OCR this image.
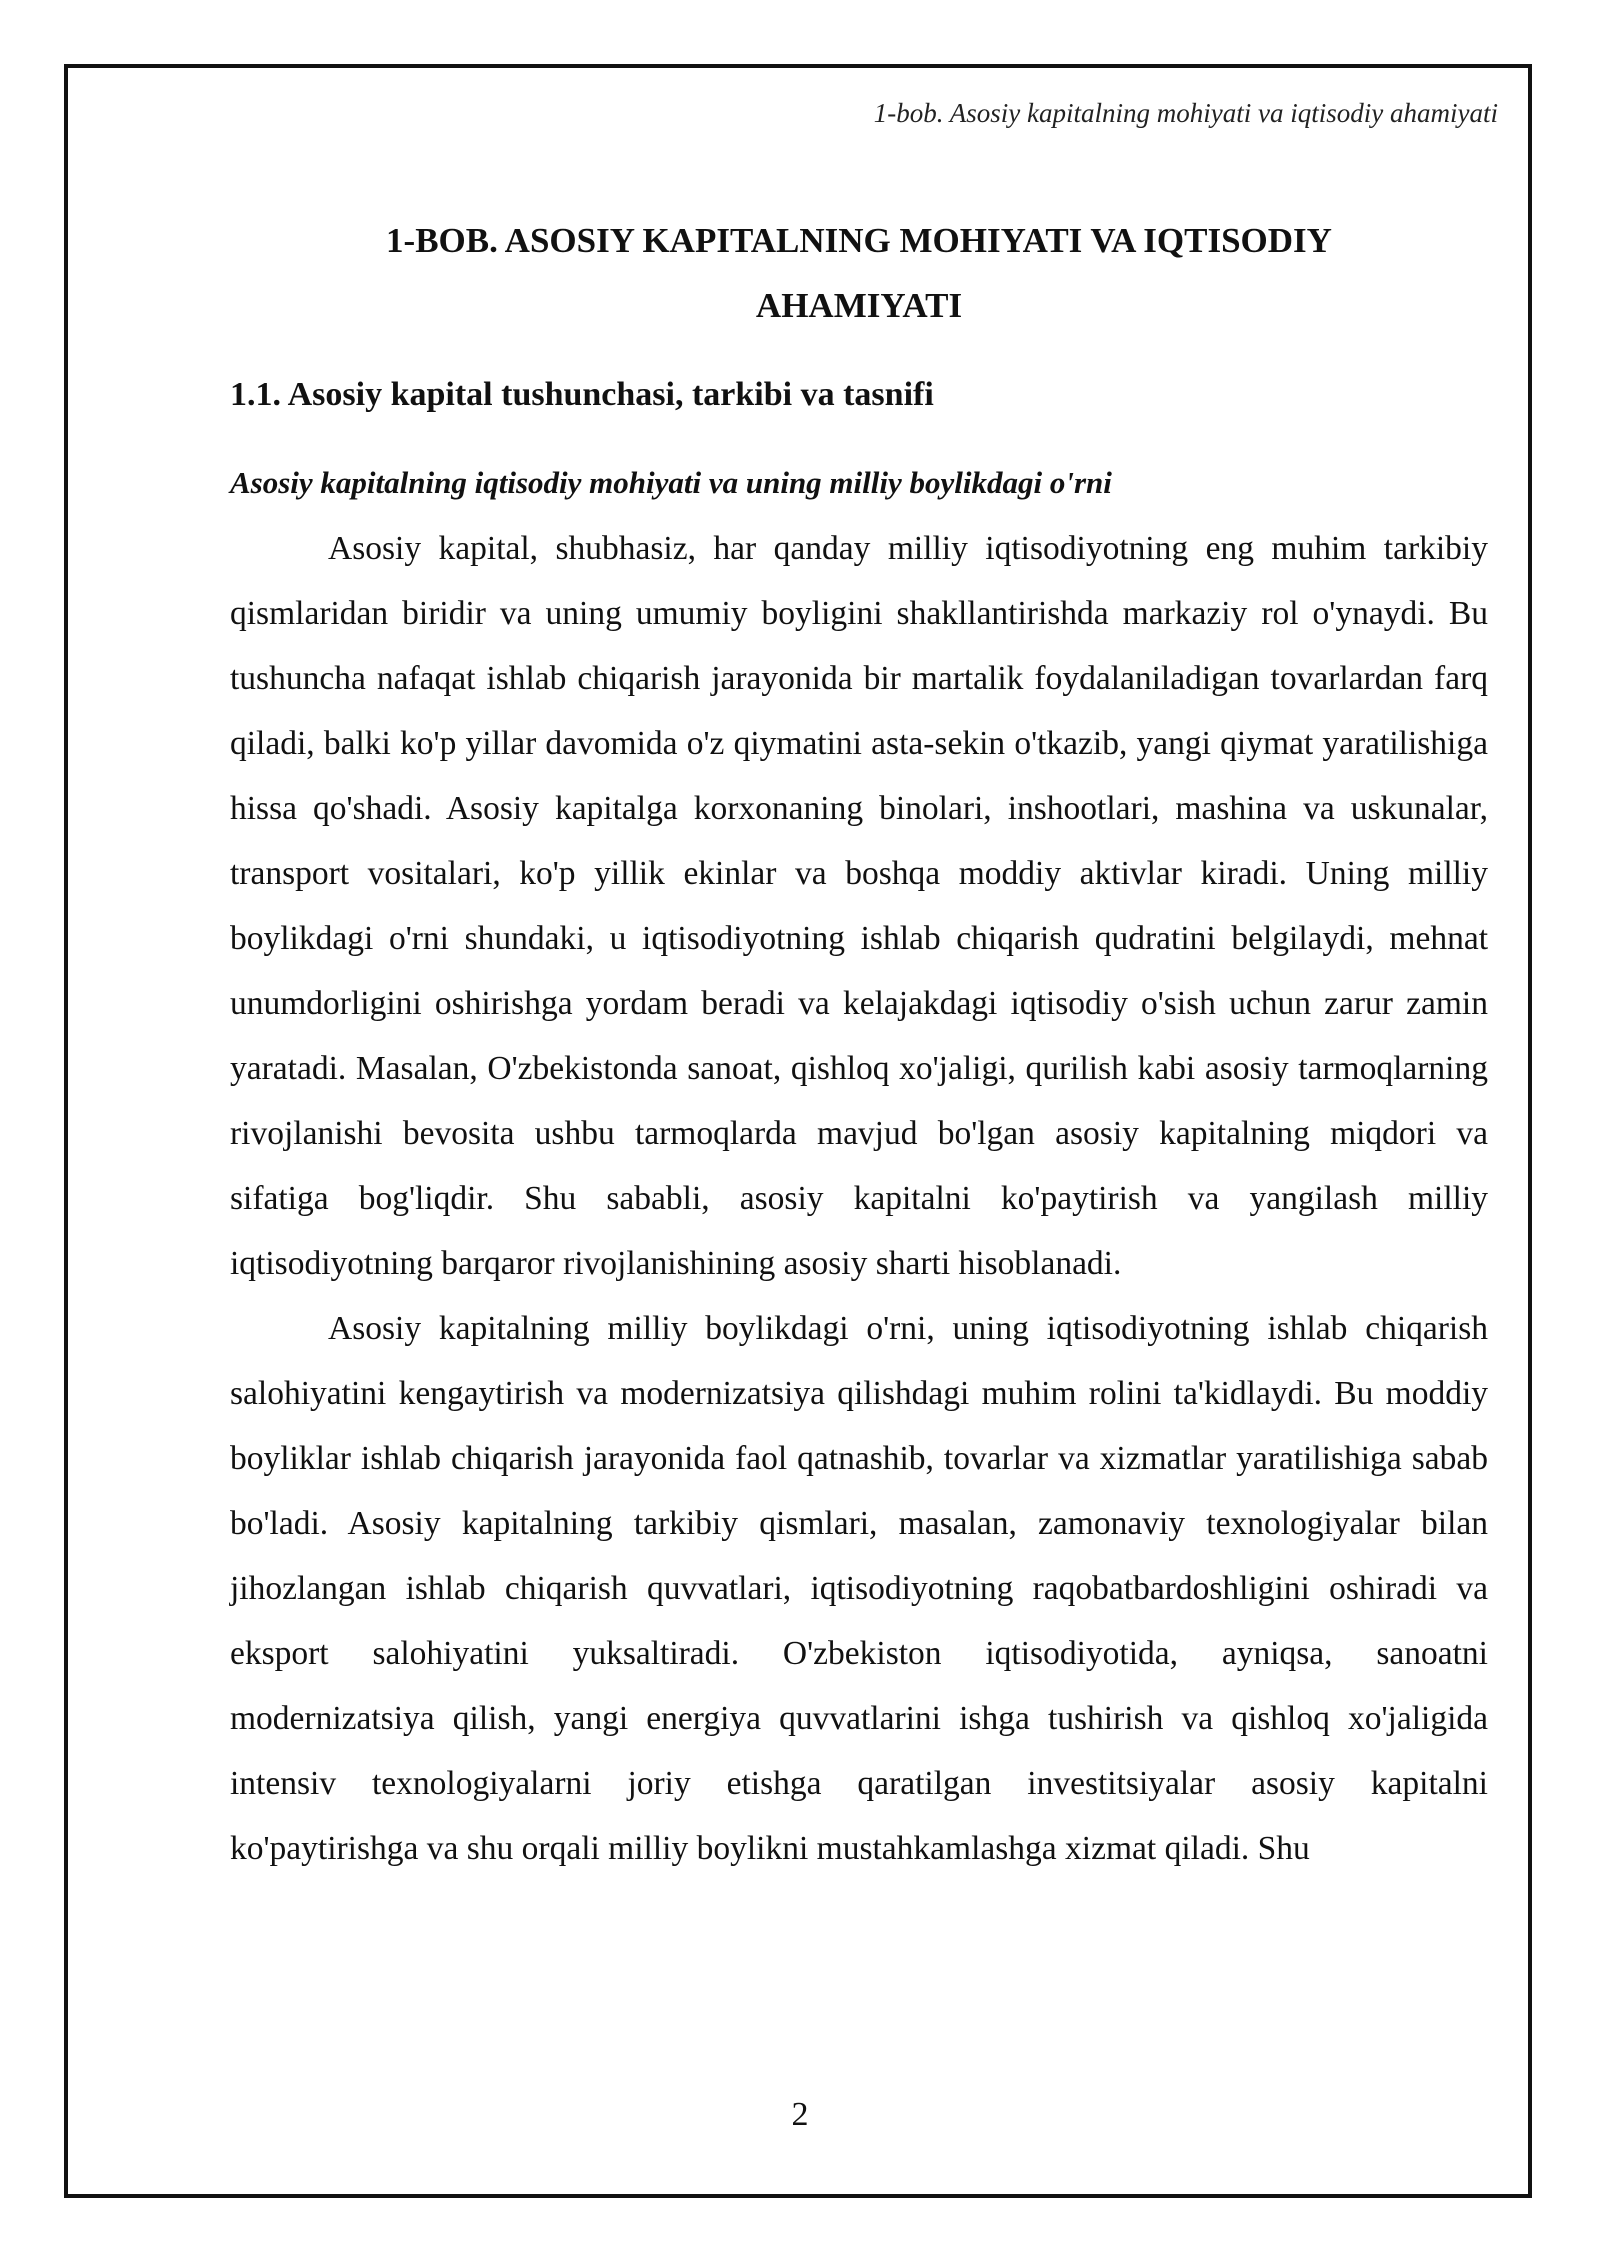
1-bob. Asosiy kapitalning mohiyati va iqtisodiy ahamiyati
1-BOB. ASOSIY KAPITALNING MOHIYATI VA IQTISODIY
AHAMIYATI
1.1. Asosiy kapital tushunchasi, tarkibi va tasnifi
Asosiy kapitalning iqtisodiy mohiyati va uning milliy boylikdagi o'rni

Asosiy kapital, shubhasiz, har qanday milliy iqtisodiyotning eng muhim tarkibiy qismlaridan biridir va uning umumiy boyligini shakllantirishda markaziy rol o'ynaydi. Bu tushuncha nafaqat ishlab chiqarish jarayonida bir martalik foydalaniladigan tovarlardan farq qiladi, balki ko'p yillar davomida o'z qiymatini asta-sekin o'tkazib, yangi qiymat yaratilishiga hissa qo'shadi. Asosiy kapitalga korxonaning binolari, inshootlari, mashina va uskunalar, transport vositalari, ko'p yillik ekinlar va boshqa moddiy aktivlar kiradi. Uning milliy boylikdagi o'rni shundaki, u iqtisodiyotning ishlab chiqarish qudratini belgilaydi, mehnat unumdorligini oshirishga yordam beradi va kelajakdagi iqtisodiy o'sish uchun zarur zamin yaratadi. Masalan, O'zbekistonda sanoat, qishloq xo'jaligi, qurilish kabi asosiy tarmoqlarning rivojlanishi bevosita ushbu tarmoqlarda mavjud bo'lgan asosiy kapitalning miqdori va sifatiga bog'liqdir. Shu sababli, asosiy kapitalni ko'paytirish va yangilash milliy iqtisodiyotning barqaror rivojlanishining asosiy sharti hisoblanadi.

Asosiy kapitalning milliy boylikdagi o'rni, uning iqtisodiyotning ishlab chiqarish salohiyatini kengaytirish va modernizatsiya qilishdagi muhim rolini ta'kidlaydi. Bu moddiy boyliklar ishlab chiqarish jarayonida faol qatnashib, tovarlar va xizmatlar yaratilishiga sabab bo'ladi. Asosiy kapitalning tarkibiy qismlari, masalan, zamonaviy texnologiyalar bilan jihozlangan ishlab chiqarish quvvatlari, iqtisodiyotning raqobatbardoshligini oshiradi va eksport salohiyatini yuksaltiradi. O'zbekiston iqtisodiyotida, ayniqsa, sanoatni modernizatsiya qilish, yangi energiya quvvatlarini ishga tushirish va qishloq xo'jaligida intensiv texnologiyalarni joriy etishga qaratilgan investitsiyalar asosiy kapitalni ko'paytirishga va shu orqali milliy boylikni mustahkamlashga xizmat qiladi. Shu

2
